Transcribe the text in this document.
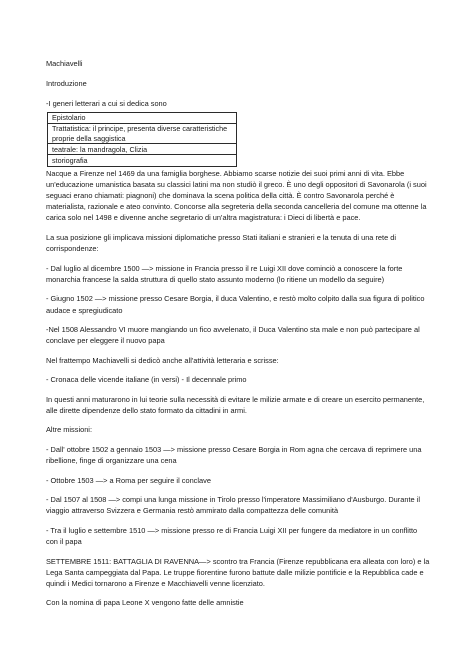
Machiavelli

Introduzione

-I generi letterari a cui si dedica sono

Epistolario
Trattatistica: il principe, presenta diverse caratteristiche proprie della saggistica
teatrale: la mandragola, Clizia
storiografia

Nacque a Firenze nel 1469 da una famiglia borghese. Abbiamo scarse notizie dei suoi primi anni di vita. Ebbe un'educazione umanistica basata su classici latini ma non studiò il greco. È uno degli oppositori di Savonarola (i suoi seguaci erano chiamati: piagnoni) che dominava la scena politica della città. È contro Savonarola perché è materialista, razionale e ateo convinto. Concorse alla segreteria della seconda cancelleria del comune ma ottenne la carica solo nel 1498 e divenne anche segretario di un'altra magistratura: i Dieci di libertà e pace.

La sua posizione gli implicava missioni diplomatiche presso Stati italiani e stranieri e la tenuta di una rete di corrispondenze:

- Dal luglio al dicembre 1500 —> missione in Francia presso il re Luigi XII dove cominciò a conoscere la forte monarchia francese la salda struttura di quello stato assunto moderno (lo ritiene un modello da seguire)

- Giugno 1502 —> missione presso Cesare Borgia, il duca Valentino, e restò molto colpito dalla sua figura di politico audace e spregiudicato

-Nel 1508 Alessandro VI muore mangiando un fico avvelenato, il Duca Valentino sta male e non può partecipare al conclave per eleggere il nuovo papa

Nel frattempo Machiavelli si dedicò anche all'attività letteraria e scrisse:

- Cronaca delle vicende italiane (in versi) - Il decennale primo

In questi anni maturarono in lui teorie sulla necessità di evitare le milizie armate e di creare un esercito permanente, alle dirette dipendenze dello stato formato da cittadini in armi.

Altre missioni:

- Dall' ottobre 1502 a gennaio 1503 —> missione presso Cesare Borgia in Rom agna che cercava di reprimere una ribellione, finge di organizzare una cena

- Ottobre 1503 —> a Roma per seguire il conclave

- Dal 1507 al 1508 —> compi una lunga missione in Tirolo presso l'imperatore Massimiliano d'Ausburgo. Durante il viaggio attraverso Svizzera e Germania restò ammirato dalla compattezza delle comunità

- Tra il luglio e settembre 1510 —> missione presso re di Francia Luigi XII per fungere da mediatore in un conflitto con il papa

SETTEMBRE 1511: BATTAGLIA DI RAVENNA—> scontro tra Francia (Firenze repubblicana era alleata con loro) e la Lega Santa campeggiata dal Papa. Le truppe fiorentine furono battute dalle milizie pontificie e la Repubblica cade e quindi i Medici tornarono a Firenze e Macchiavelli venne licenziato.

Con la nomina di papa Leone X vengono fatte delle amnistie
